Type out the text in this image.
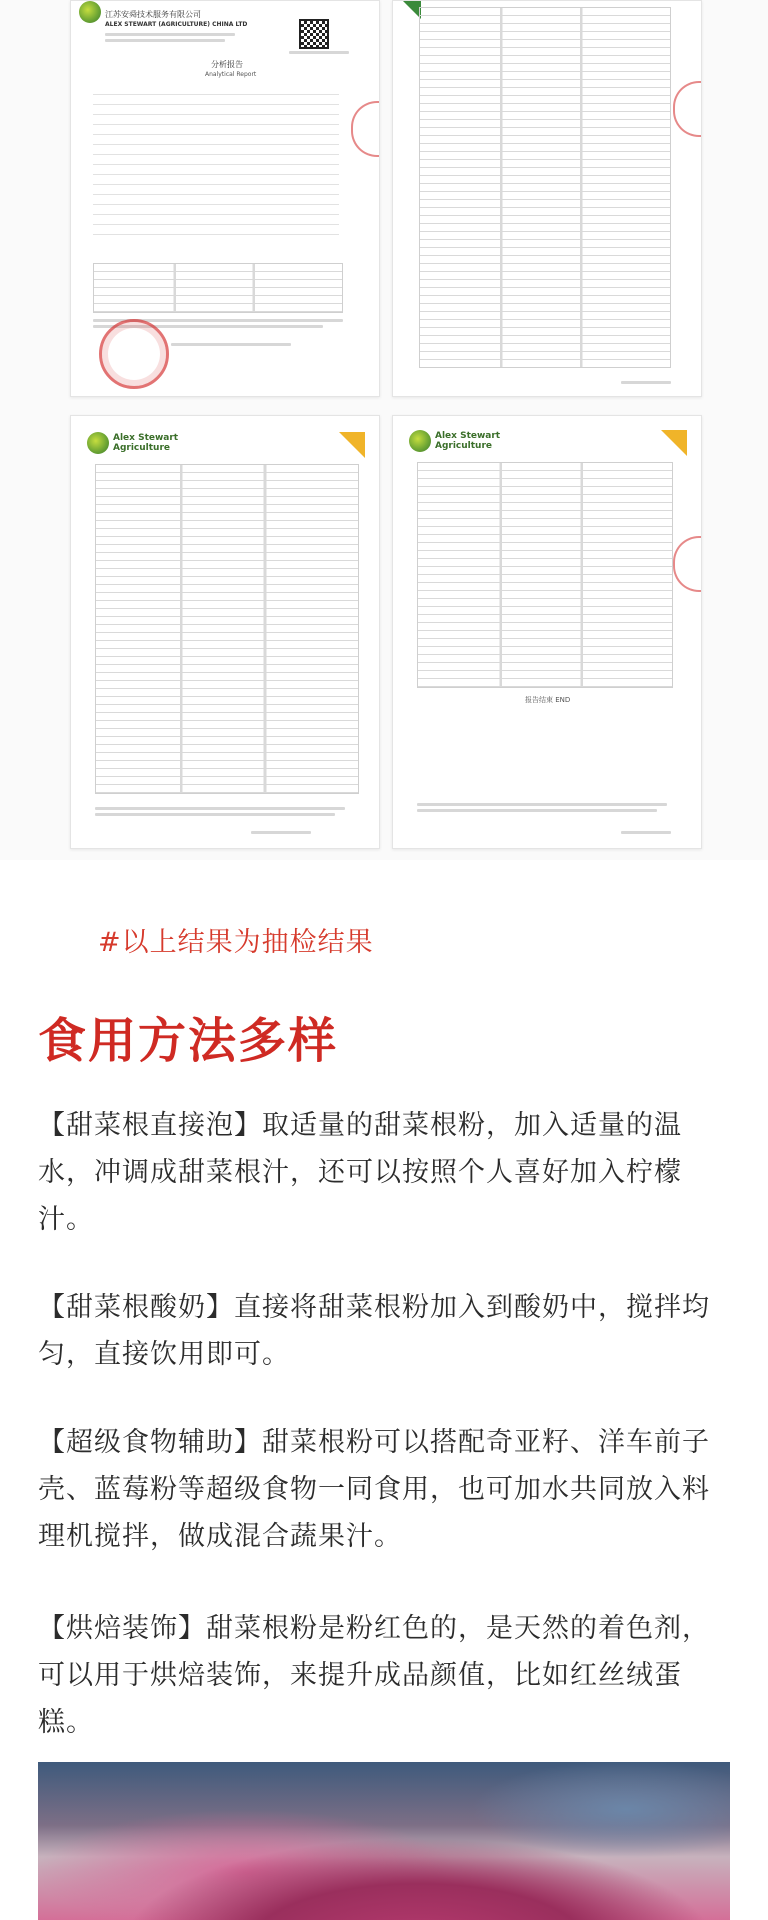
江苏安舜技术服务有限公司
ALEX STEWART (AGRICULTURE) CHINA LTD
分析报告
Analytical Report
Alex Stewart
Agriculture
Alex Stewart
Agriculture
报告结束 END
#以上结果为抽检结果
食用方法多样
【甜菜根直接泡】取适量的甜菜根粉，加入适量的温水，冲调成甜菜根汁，还可以按照个人喜好加入柠檬汁。
【甜菜根酸奶】直接将甜菜根粉加入到酸奶中，搅拌均匀，直接饮用即可。
【超级食物辅助】甜菜根粉可以搭配奇亚籽、洋车前子壳、蓝莓粉等超级食物一同食用，也可加水共同放入料理机搅拌，做成混合蔬果汁。
【烘焙装饰】甜菜根粉是粉红色的，是天然的着色剂，可以用于烘焙装饰，来提升成品颜值，比如红丝绒蛋糕。
